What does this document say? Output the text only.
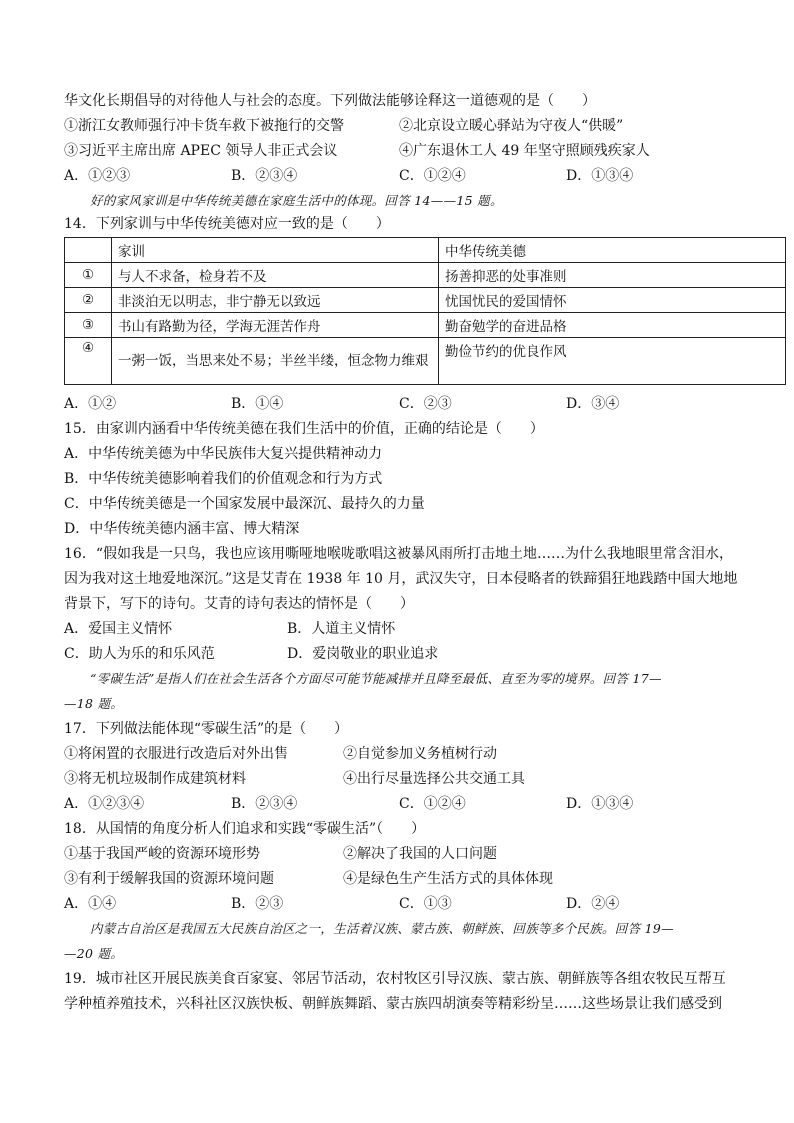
华文化长期倡导的对待他人与社会的态度。下列做法能够诠释这一道德观的是（　　）
①浙江女教师强行冲卡货车救下被拖行的交警	②北京设立暖心驿站为守夜人“供暖”
③习近平主席出席 APEC 领导人非正式会议	④广东退休工人 49 年坚守照顾残疾家人
A．①②③	B．②③④	C．①②④	D．①③④
好的家风家训是中华传统美德在家庭生活中的体现。回答 14——15 题。
14．下列家训与中华传统美德对应一致的是（　　）
	家训	中华传统美德
①	与人不求备，检身若不及	扬善抑恶的处事准则
②	非淡泊无以明志，非宁静无以致远	忧国忧民的爱国情怀
③	书山有路勤为径，学海无涯苦作舟	勤奋勉学的奋进品格
④	一粥一饭，当思来处不易；半丝半缕，恒念物力维艰	勤俭节约的优良作风
A．①②	B．①④	C．②③	D．③④
15．由家训内涵看中华传统美德在我们生活中的价值，正确的结论是（　　）
A．中华传统美德为中华民族伟大复兴提供精神动力
B．中华传统美德影响着我们的价值观念和行为方式
C．中华传统美德是一个国家发展中最深沉、最持久的力量
D．中华传统美德内涵丰富、博大精深
16．“假如我是一只鸟，我也应该用嘶哑地喉咙歌唱这被暴风雨所打击地土地……为什么我地眼里常含泪水，
因为我对这土地爱地深沉。”这是艾青在 1938 年 10 月，武汉失守，日本侵略者的铁蹄猖狂地践踏中国大地地
背景下，写下的诗句。艾青的诗句表达的情怀是（　　）
A．爱国主义情怀	B．人道主义情怀
C．助人为乐的和乐风范	D．爱岗敬业的职业追求
“零碳生活”是指人们在社会生活各个方面尽可能节能减排并且降至最低、直至为零的境界。回答 17—
—18 题。
17．下列做法能体现“零碳生活”的是（　　）
①将闲置的衣服进行改造后对外出售	②自觉参加义务植树行动
③将无机垃圾制作成建筑材料	④出行尽量选择公共交通工具
A．①②③④	B．②③④	C．①②④	D．①③④
18．从国情的角度分析人们追求和实践“零碳生活”（　　）
①基于我国严峻的资源环境形势	②解决了我国的人口问题
③有利于缓解我国的资源环境问题	④是绿色生产生活方式的具体体现
A．①④	B．②③	C．①③	D．②④
内蒙古自治区是我国五大民族自治区之一，生活着汉族、蒙古族、朝鲜族、回族等多个民族。回答 19—
—20 题。
19．城市社区开展民族美食百家宴、邻居节活动，农村牧区引导汉族、蒙古族、朝鲜族等各组农牧民互帮互
学种植养殖技术，兴科社区汉族快板、朝鲜族舞蹈、蒙古族四胡演奏等精彩纷呈……这些场景让我们感受到
